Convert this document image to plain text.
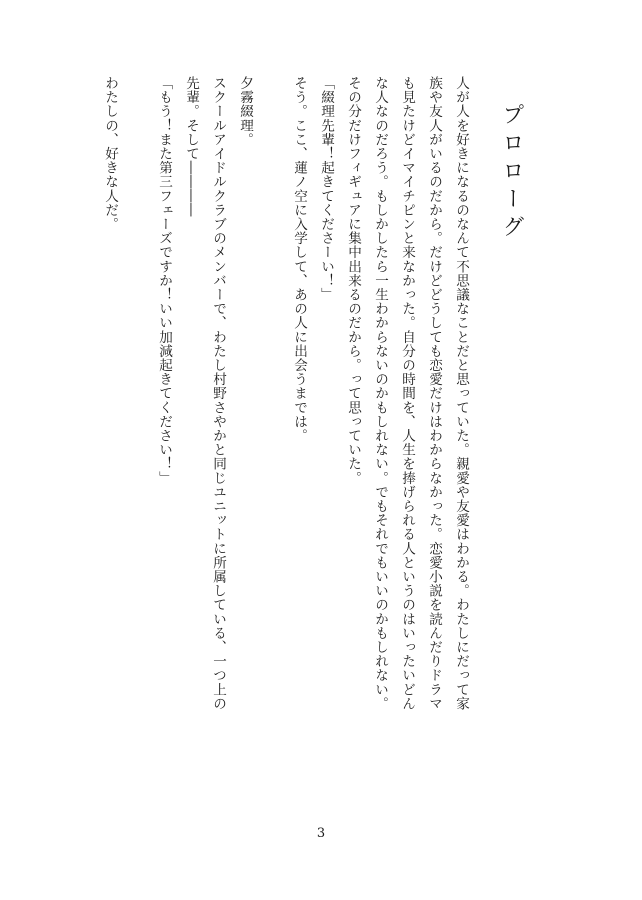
プロローグ
人が人を好きになるのなんて不思議なことだと思っていた。親愛や友愛はわかる。わたしにだって家
族や友人がいるのだから。だけどどうしても恋愛だけはわからなかった。恋愛小説を読んだりドラマ
も見たけどイマイチピンと来なかった。自分の時間を、人生を捧げられる人というのはいったいどん
な人なのだろう。もしかしたら一生わからないのかもしれない。でもそれでもいいのかもしれない。
その分だけフィギュアに集中出来るのだから。って思っていた。
「綴理先輩！起きてくださーい！」
そう。ここ、蓮ノ空に入学して、あの人に出会うまでは。

夕霧綴理。
スクールアイドルクラブのメンバーで、わたし村野さやかと同じユニットに所属している、一つ上の
先輩。そして――――
「もう！また第三フェーズですか！いい加減起きてください！」

わたしの、好きな人だ。
3
